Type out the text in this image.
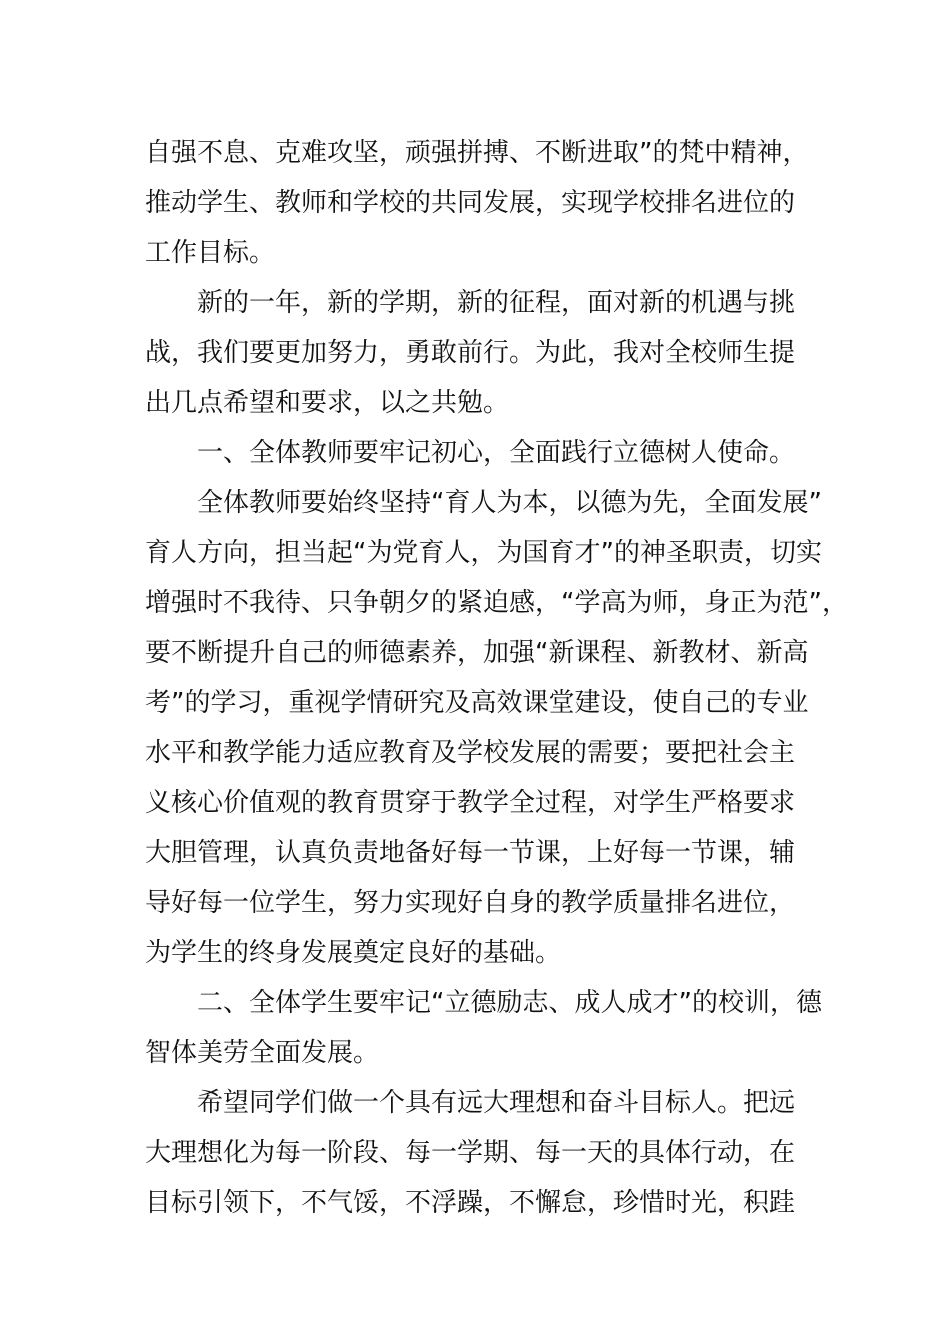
自强不息、克难攻坚，顽强拼搏、不断进取”的梵中精神，
推动学生、教师和学校的共同发展，实现学校排名进位的
工作目标。
　　新的一年，新的学期，新的征程，面对新的机遇与挑
战，我们要更加努力，勇敢前行。为此，我对全校师生提
出几点希望和要求，以之共勉。
　　一、全体教师要牢记初心，全面践行立德树人使命。
　　全体教师要始终坚持“育人为本，以德为先，全面发展”
育人方向，担当起“为党育人，为国育才”的神圣职责，切实
增强时不我待、只争朝夕的紧迫感，“学高为师，身正为范”，
要不断提升自己的师德素养，加强“新课程、新教材、新高
考”的学习，重视学情研究及高效课堂建设，使自己的专业
水平和教学能力适应教育及学校发展的需要；要把社会主
义核心价值观的教育贯穿于教学全过程，对学生严格要求
大胆管理，认真负责地备好每一节课，上好每一节课，辅
导好每一位学生，努力实现好自身的教学质量排名进位，
为学生的终身发展奠定良好的基础。
　　二、全体学生要牢记“立德励志、成人成才”的校训，德
智体美劳全面发展。
　　希望同学们做一个具有远大理想和奋斗目标人。把远
大理想化为每一阶段、每一学期、每一天的具体行动，在
目标引领下，不气馁，不浮躁，不懈怠，珍惜时光，积跬
